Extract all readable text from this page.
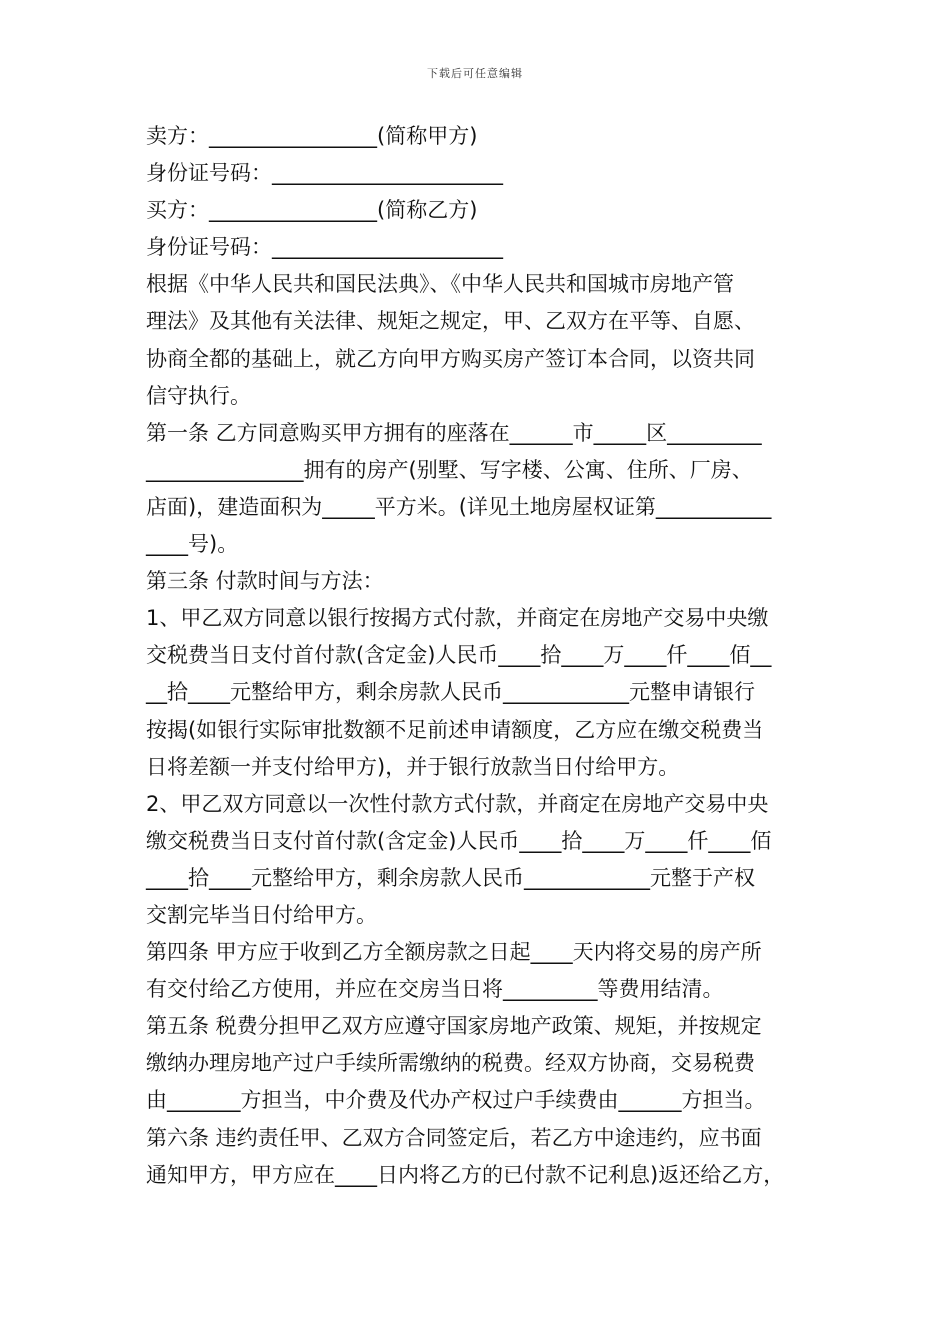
下载后可任意编辑
卖方：________________(简称甲方)
身份证号码：______________________
买方：________________(简称乙方)
身份证号码：______________________
根据《中华人民共和国民法典》、《中华人民共和国城市房地产管
理法》及其他有关法律、规矩之规定，甲、乙双方在平等、自愿、
协商全都的基础上，就乙方向甲方购买房产签订本合同，以资共同
信守执行。
第一条 乙方同意购买甲方拥有的座落在______市_____区_________
_______________拥有的房产(别墅、写字楼、公寓、住所、厂房、
店面)，建造面积为_____平方米。(详见土地房屋权证第___________
____号)。
第三条 付款时间与方法：
1、甲乙双方同意以银行按揭方式付款，并商定在房地产交易中央缴
交税费当日支付首付款(含定金)人民币____拾____万____仟____佰__
__拾____元整给甲方，剩余房款人民币____________元整申请银行
按揭(如银行实际审批数额不足前述申请额度，乙方应在缴交税费当
日将差额一并支付给甲方)，并于银行放款当日付给甲方。
2、甲乙双方同意以一次性付款方式付款，并商定在房地产交易中央
缴交税费当日支付首付款(含定金)人民币____拾____万____仟____佰
____拾____元整给甲方，剩余房款人民币____________元整于产权
交割完毕当日付给甲方。
第四条 甲方应于收到乙方全额房款之日起____天内将交易的房产所
有交付给乙方使用，并应在交房当日将_________等费用结清。
第五条 税费分担甲乙双方应遵守国家房地产政策、规矩，并按规定
缴纳办理房地产过户手续所需缴纳的税费。经双方协商，交易税费
由_______方担当，中介费及代办产权过户手续费由______方担当。
第六条 违约责任甲、乙双方合同签定后，若乙方中途违约，应书面
通知甲方，甲方应在____日内将乙方的已付款不记利息)返还给乙方，
